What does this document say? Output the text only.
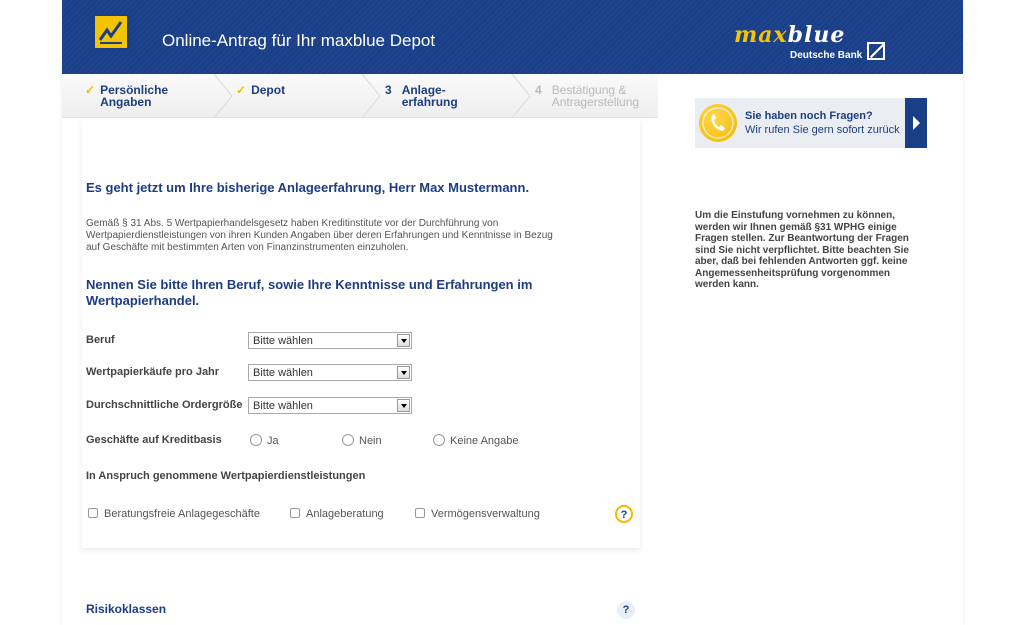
Online-Antrag für Ihr maxblue Depot	maxblue
Deutsche Bank
✓ Persönliche
Angaben
✓ Depot	3 Anlage-
erfahrung
4 Bestätigung &
Antragerstellung
Es geht jetzt um Ihre bisherige Anlageerfahrung, Herr Max Mustermann.
Gemäß § 31 Abs. 5 Wertpapierhandelsgesetz haben Kreditinstitute vor der Durchführung von Wertpapierdienstleistungen von ihren Kunden Angaben über deren Erfahrungen und Kenntnisse in Bezug auf Geschäfte mit bestimmten Arten von Finanzinstrumenten einzuholen.
Nennen Sie bitte Ihren Beruf, sowie Ihre Kenntnisse und Erfahrungen im Wertpapierhandel.
Beruf	Bitte wählen
Wertpapierkäufe pro Jahr	Bitte wählen
Durchschnittliche Ordergröße Bitte wählen
Geschäfte auf Kreditbasis	Ja	Nein	Keine Angabe
In Anspruch genommene Wertpapierdienstleistungen
Beratungsfreie Anlagegeschäfte	Anlageberatung	Vermögensverwaltung	?
Risikoklassen	?
Sie haben noch Fragen?
Wir rufen Sie gern sofort zurück
Um die Einstufung vornehmen zu können, werden wir Ihnen gemäß §31 WPHG einige Fragen stellen. Zur Beantwortung der Fragen sind Sie nicht verpflichtet. Bitte beachten Sie aber, daß bei fehlenden Antworten ggf. keine Angemessenheitsprüfung vorgenommen werden kann.
